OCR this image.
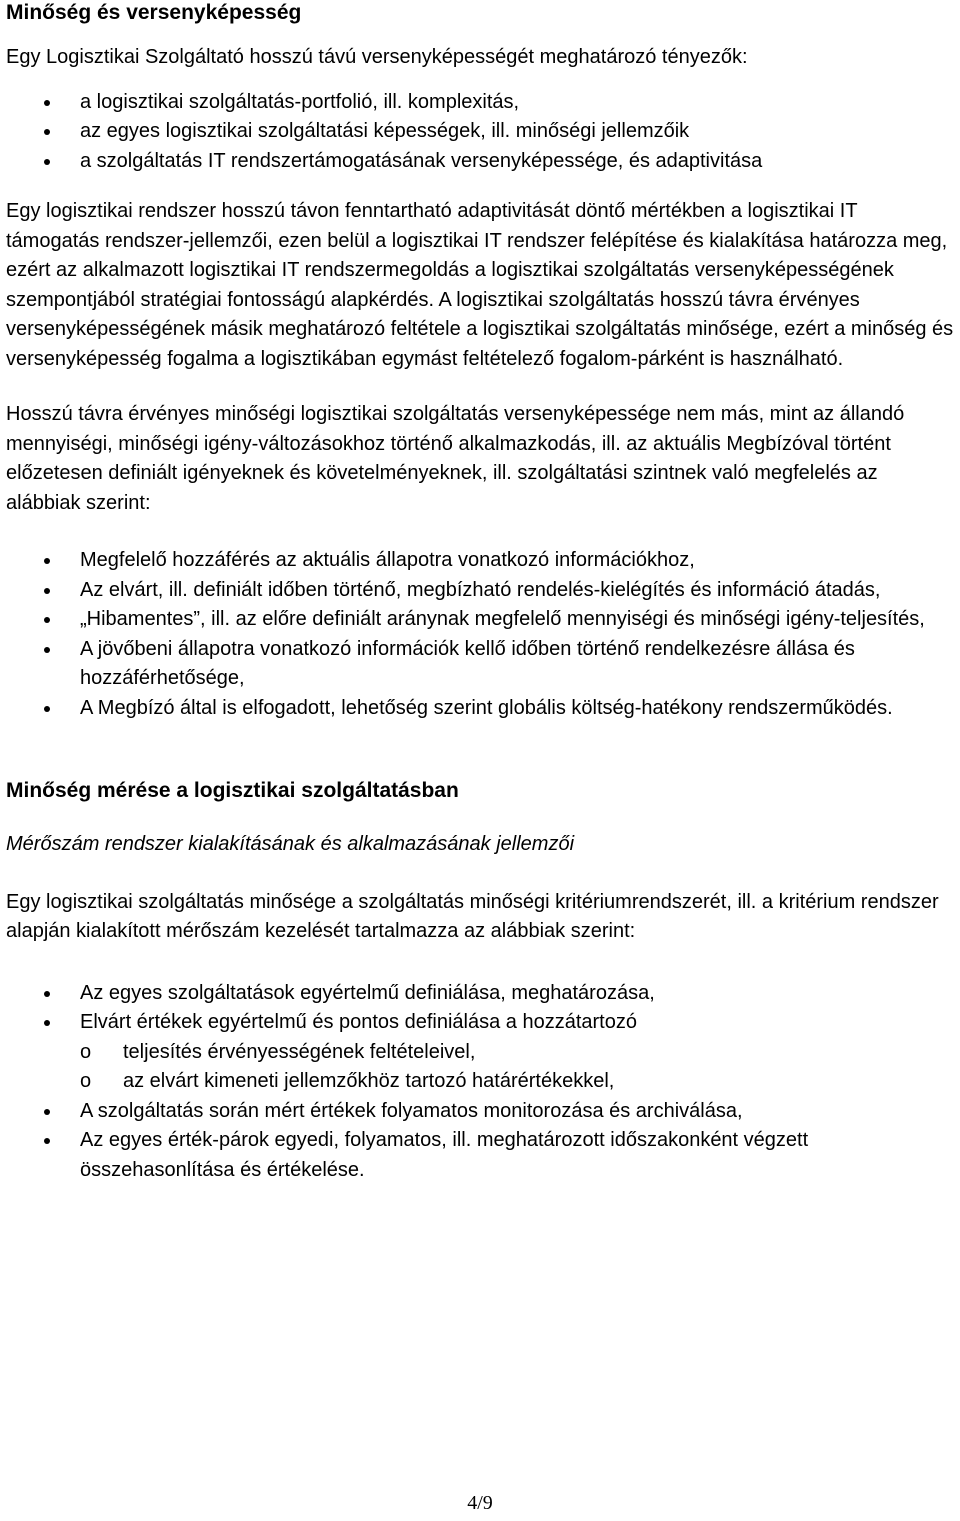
Minőség és versenyképesség

Egy Logisztikai Szolgáltató hosszú távú versenyképességét meghatározó tényezők:

a logisztikai szolgáltatás-portfolió, ill. komplexitás,
az egyes logisztikai szolgáltatási képességek, ill. minőségi jellemzőik
a szolgáltatás IT rendszertámogatásának versenyképessége, és adaptivitása

Egy logisztikai rendszer hosszú távon fenntartható adaptivitását döntő mértékben a logisztikai IT támogatás rendszer-jellemzői, ezen belül a logisztikai IT rendszer felépítése és kialakítása határozza meg, ezért az alkalmazott logisztikai IT rendszermegoldás a logisztikai szolgáltatás versenyképességének szempontjából stratégiai fontosságú alapkérdés. A logisztikai szolgáltatás hosszú távra érvényes versenyképességének másik meghatározó feltétele a logisztikai szolgáltatás minősége, ezért a minőség és versenyképesség fogalma a logisztikában egymást feltételező fogalom-párként is használható.

Hosszú távra érvényes minőségi logisztikai szolgáltatás versenyképessége nem más, mint az állandó mennyiségi, minőségi igény-változásokhoz történő alkalmazkodás, ill. az aktuális Megbízóval történt előzetesen definiált igényeknek és követelményeknek, ill. szolgáltatási szintnek való megfelelés az alábbiak szerint:

Megfelelő hozzáférés az aktuális állapotra vonatkozó információkhoz,
Az elvárt, ill. definiált időben történő, megbízható rendelés-kielégítés és információ átadás,
„Hibamentes”, ill. az előre definiált aránynak megfelelő mennyiségi és minőségi igény-teljesítés,
A jövőbeni állapotra vonatkozó információk kellő időben történő rendelkezésre állása és hozzáférhetősége,
A Megbízó által is elfogadott, lehetőség szerint globális költség-hatékony rendszerműködés.
Minőség mérése a logisztikai szolgáltatásban

Mérőszám rendszer kialakításának és alkalmazásának jellemzői

Egy logisztikai szolgáltatás minősége a szolgáltatás minőségi kritériumrendszerét, ill. a kritérium rendszer alapján kialakított mérőszám kezelését tartalmazza az alábbiak szerint:

Az egyes szolgáltatások egyértelmű definiálása, meghatározása,
Elvárt értékek egyértelmű és pontos definiálása a hozzátartozó
o teljesítés érvényességének feltételeivel,
o az elvárt kimeneti jellemzőkhöz tartozó határértékekkel,
A szolgáltatás során mért értékek folyamatos monitorozása és archiválása,
Az egyes érték-párok egyedi, folyamatos, ill. meghatározott időszakonként végzett összehasonlítása és értékelése.
4/9
